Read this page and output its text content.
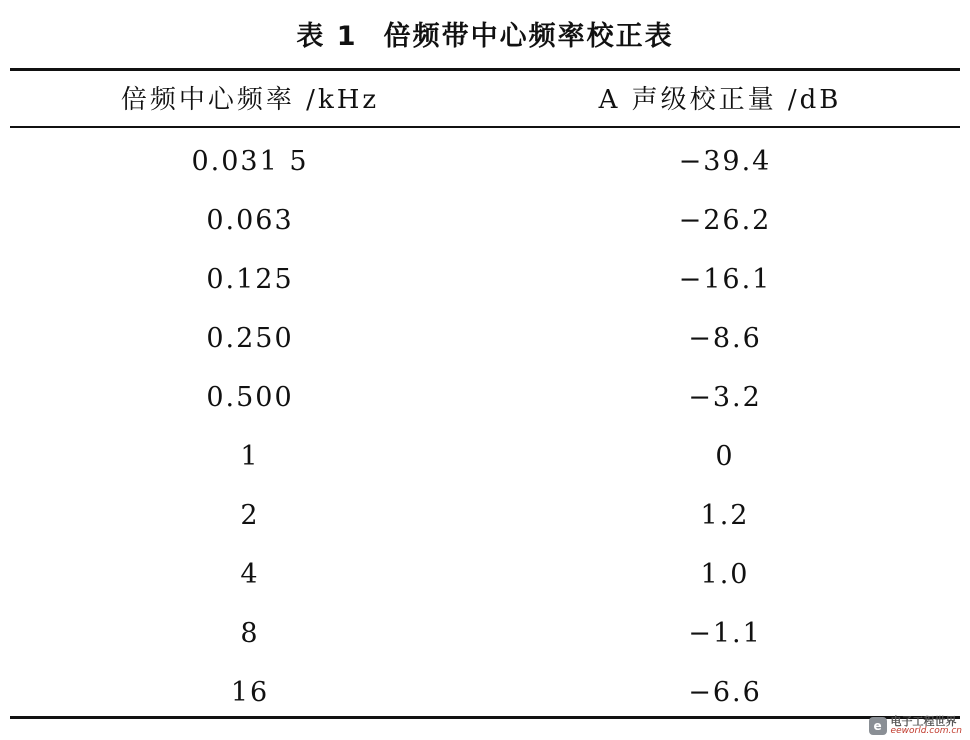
表 1 倍频带中心频率校正表
倍频中心频率 /kHz	A 声级校正量 /dB
0.031 5	−39.4
0.063	−26.2
0.125	−16.1
0.250	−8.6
0.500	−3.2
1	0
2	1.2
4	1.0
8	−1.1
16	−6.6
e 电子工程世界
eeworld.com.cn
